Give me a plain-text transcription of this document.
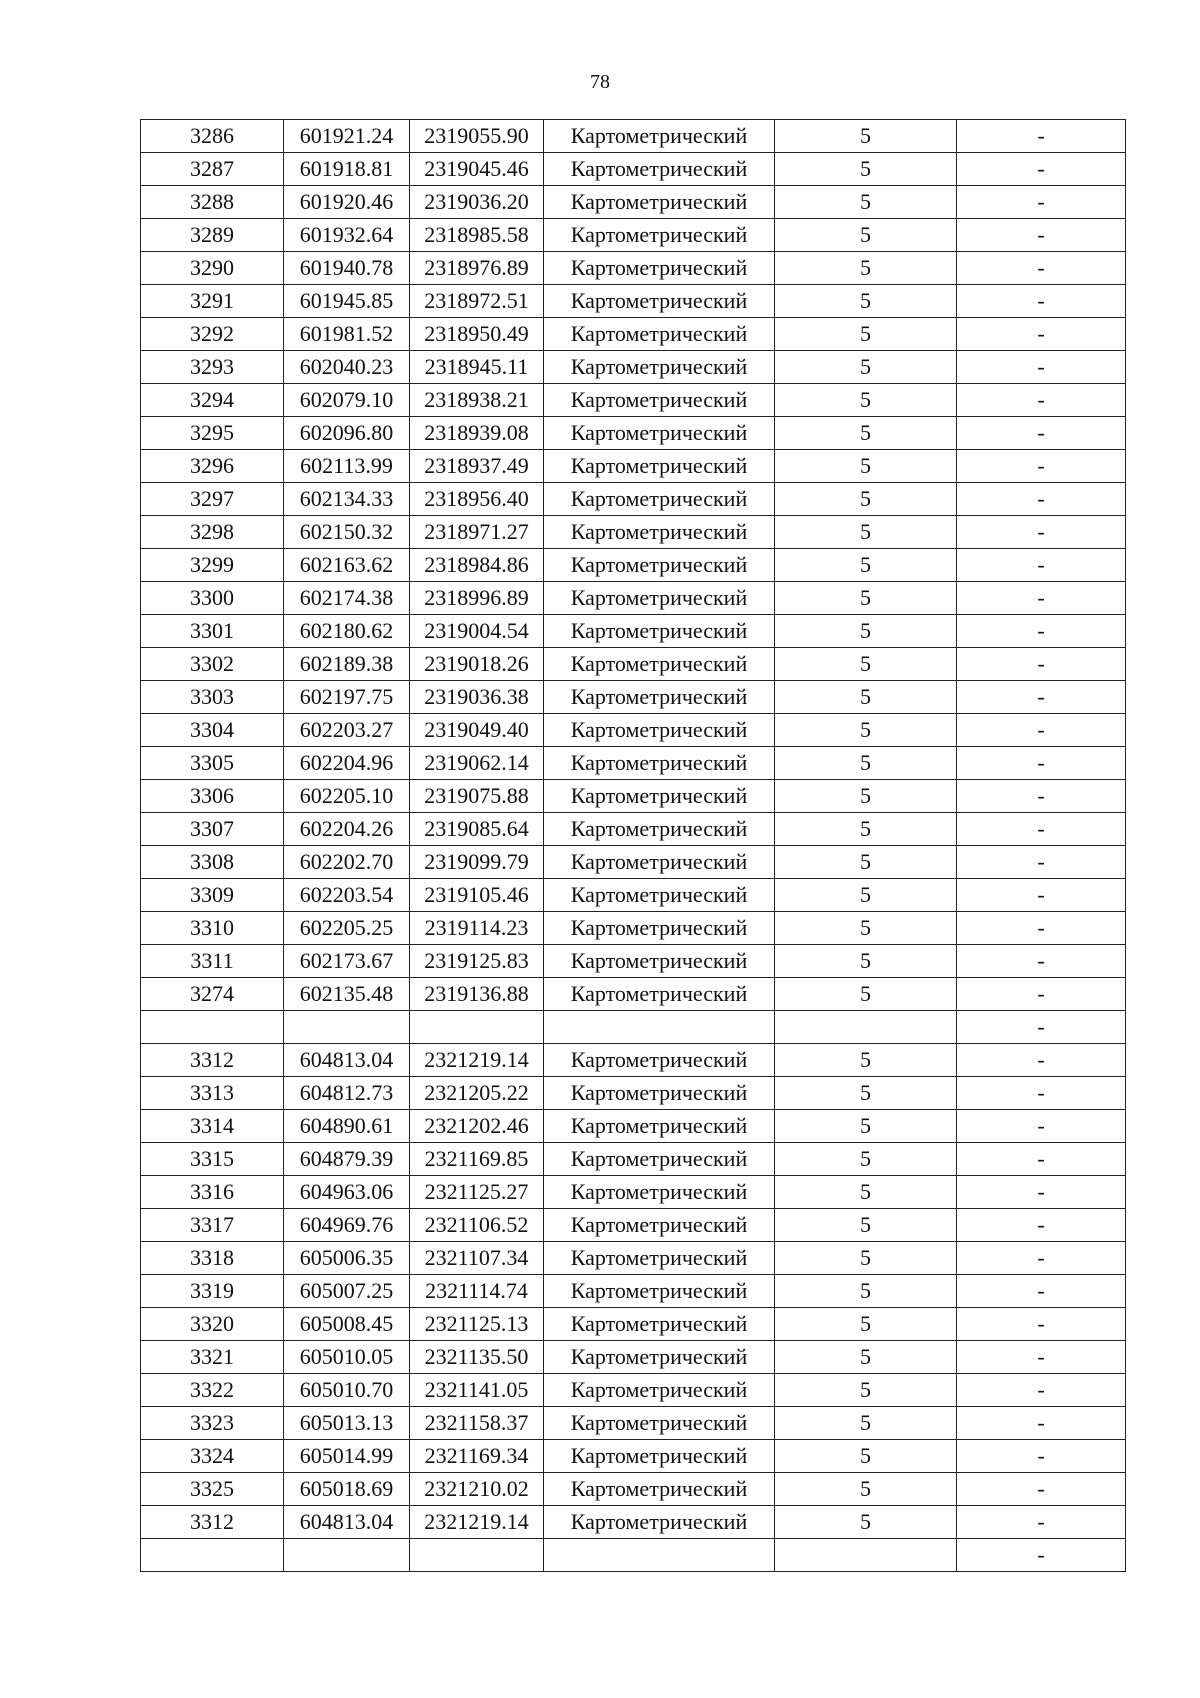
78
3286	601921.24	2319055.90	Картометрический	5	-
3287	601918.81	2319045.46	Картометрический	5	-
3288	601920.46	2319036.20	Картометрический	5	-
3289	601932.64	2318985.58	Картометрический	5	-
3290	601940.78	2318976.89	Картометрический	5	-
3291	601945.85	2318972.51	Картометрический	5	-
3292	601981.52	2318950.49	Картометрический	5	-
3293	602040.23	2318945.11	Картометрический	5	-
3294	602079.10	2318938.21	Картометрический	5	-
3295	602096.80	2318939.08	Картометрический	5	-
3296	602113.99	2318937.49	Картометрический	5	-
3297	602134.33	2318956.40	Картометрический	5	-
3298	602150.32	2318971.27	Картометрический	5	-
3299	602163.62	2318984.86	Картометрический	5	-
3300	602174.38	2318996.89	Картометрический	5	-
3301	602180.62	2319004.54	Картометрический	5	-
3302	602189.38	2319018.26	Картометрический	5	-
3303	602197.75	2319036.38	Картометрический	5	-
3304	602203.27	2319049.40	Картометрический	5	-
3305	602204.96	2319062.14	Картометрический	5	-
3306	602205.10	2319075.88	Картометрический	5	-
3307	602204.26	2319085.64	Картометрический	5	-
3308	602202.70	2319099.79	Картометрический	5	-
3309	602203.54	2319105.46	Картометрический	5	-
3310	602205.25	2319114.23	Картометрический	5	-
3311	602173.67	2319125.83	Картометрический	5	-
3274	602135.48	2319136.88	Картометрический	5	-
					-
3312	604813.04	2321219.14	Картометрический	5	-
3313	604812.73	2321205.22	Картометрический	5	-
3314	604890.61	2321202.46	Картометрический	5	-
3315	604879.39	2321169.85	Картометрический	5	-
3316	604963.06	2321125.27	Картометрический	5	-
3317	604969.76	2321106.52	Картометрический	5	-
3318	605006.35	2321107.34	Картометрический	5	-
3319	605007.25	2321114.74	Картометрический	5	-
3320	605008.45	2321125.13	Картометрический	5	-
3321	605010.05	2321135.50	Картометрический	5	-
3322	605010.70	2321141.05	Картометрический	5	-
3323	605013.13	2321158.37	Картометрический	5	-
3324	605014.99	2321169.34	Картометрический	5	-
3325	605018.69	2321210.02	Картометрический	5	-
3312	604813.04	2321219.14	Картометрический	5	-
					-
